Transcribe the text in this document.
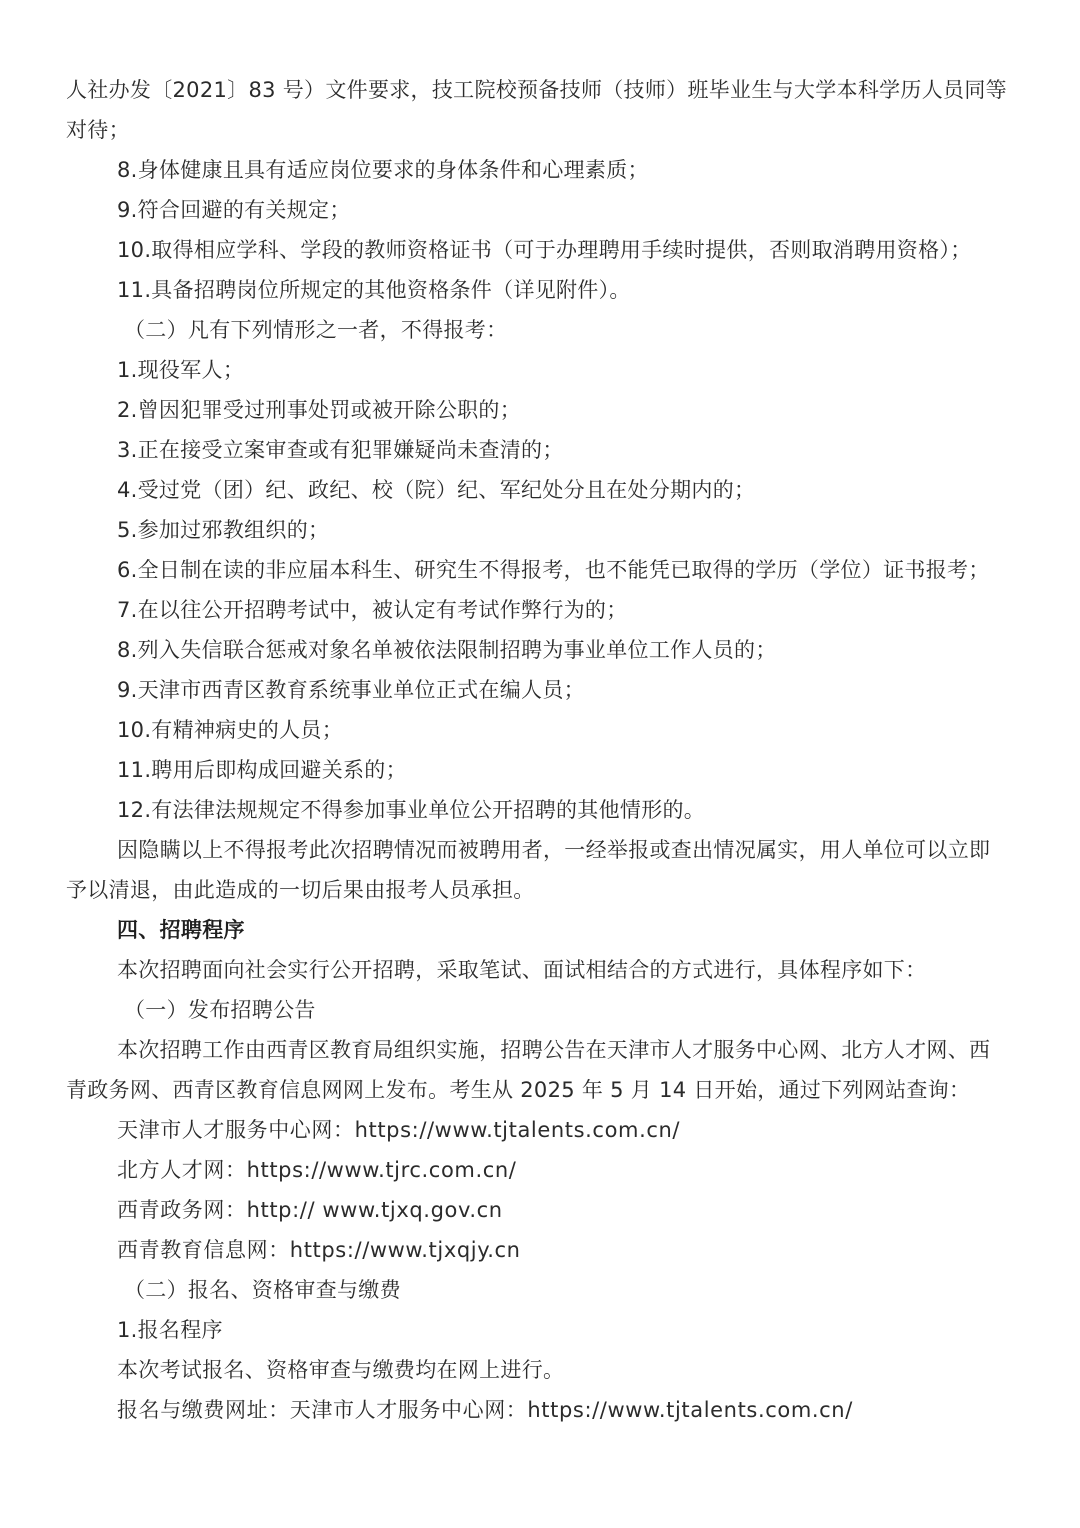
人社办发〔2021〕83 号）文件要求，技工院校预备技师（技师）班毕业生与大学本科学历人员同等
对待；
8.身体健康且具有适应岗位要求的身体条件和心理素质；
9.符合回避的有关规定；
10.取得相应学科、学段的教师资格证书（可于办理聘用手续时提供，否则取消聘用资格）；
11.具备招聘岗位所规定的其他资格条件（详见附件）。
（二）凡有下列情形之一者，不得报考：
1.现役军人；
2.曾因犯罪受过刑事处罚或被开除公职的；
3.正在接受立案审查或有犯罪嫌疑尚未查清的；
4.受过党（团）纪、政纪、校（院）纪、军纪处分且在处分期内的；
5.参加过邪教组织的；
6.全日制在读的非应届本科生、研究生不得报考，也不能凭已取得的学历（学位）证书报考；
7.在以往公开招聘考试中，被认定有考试作弊行为的；
8.列入失信联合惩戒对象名单被依法限制招聘为事业单位工作人员的；
9.天津市西青区教育系统事业单位正式在编人员；
10.有精神病史的人员；
11.聘用后即构成回避关系的；
12.有法律法规规定不得参加事业单位公开招聘的其他情形的。
因隐瞒以上不得报考此次招聘情况而被聘用者，一经举报或查出情况属实，用人单位可以立即
予以清退，由此造成的一切后果由报考人员承担。
四、招聘程序
本次招聘面向社会实行公开招聘，采取笔试、面试相结合的方式进行，具体程序如下：
（一）发布招聘公告
本次招聘工作由西青区教育局组织实施，招聘公告在天津市人才服务中心网、北方人才网、西
青政务网、西青区教育信息网网上发布。考生从 2025 年 5 月 14 日开始，通过下列网站查询：
天津市人才服务中心网：https://www.tjtalents.com.cn/
北方人才网：https://www.tjrc.com.cn/
西青政务网：http:// www.tjxq.gov.cn
西青教育信息网：https://www.tjxqjy.cn
（二）报名、资格审查与缴费
1.报名程序
本次考试报名、资格审查与缴费均在网上进行。
报名与缴费网址：天津市人才服务中心网：https://www.tjtalents.com.cn/
